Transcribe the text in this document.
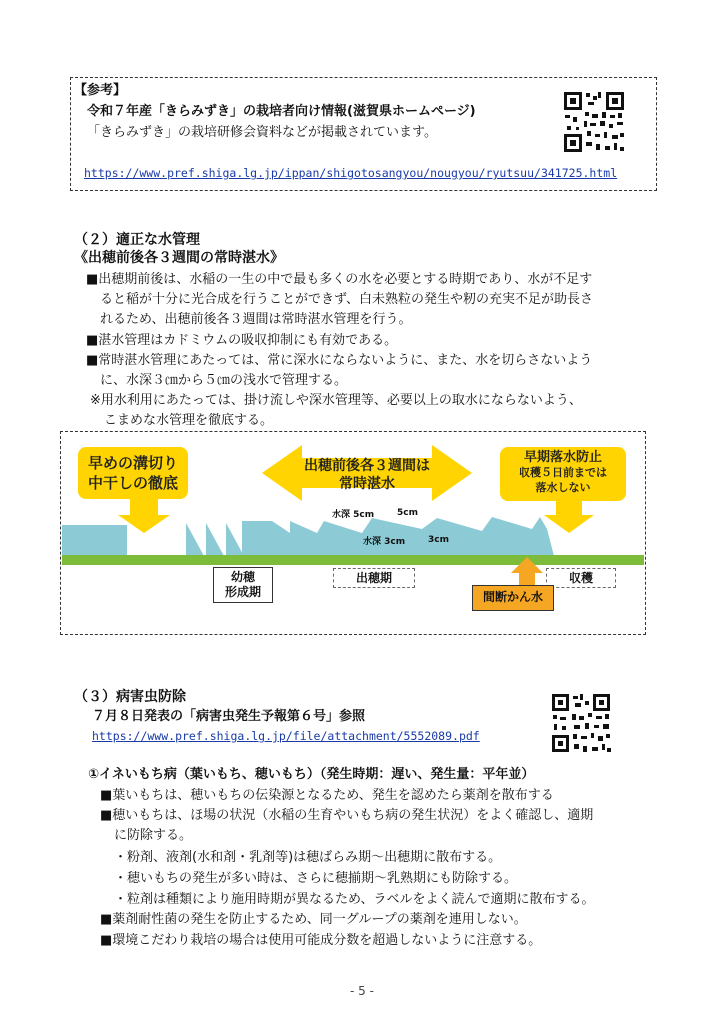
【参考】
令和７年産「きらみずき」の栽培者向け情報(滋賀県ホームページ)
「きらみずき」の栽培研修会資料などが掲載されています。
https://www.pref.shiga.lg.jp/ippan/shigotosangyou/nougyou/ryutsuu/341725.html
（２）適正な水管理
《出穂前後各３週間の常時湛水》
■出穂期前後は、水稲の一生の中で最も多くの水を必要とする時期であり、水が不足す
ると稲が十分に光合成を行うことができず、白未熟粒の発生や籾の充実不足が助長さ
れるため、出穂前後各３週間は常時湛水管理を行う。
■湛水管理はカドミウムの吸収抑制にも有効である。
■常時湛水管理にあたっては、常に深水にならないように、また、水を切らさないよう
に、水深３㎝から５㎝の浅水で管理する。
※用水利用にあたっては、掛け流しや深水管理等、必要以上の取水にならないよう、
こまめな水管理を徹底する。
早めの溝切り
中干しの徹底
出穂前後各３週間は
常時湛水
早期落水防止
収穫５日前までは
落水しない
水深 5cm	5cm
水深 3cm	3cm
幼穂
形成期
出穂期	収穫
間断かん水
（３）病害虫防除
７月８日発表の「病害虫発生予報第６号」参照
https://www.pref.shiga.lg.jp/file/attachment/5552089.pdf
①イネいもち病（葉いもち、穂いもち）（発生時期：遅い、発生量：平年並）
■葉いもちは、穂いもちの伝染源となるため、発生を認めたら薬剤を散布する
■穂いもちは、ほ場の状況（水稲の生育やいもち病の発生状況）をよく確認し、適期
に防除する。
・粉剤、液剤(水和剤・乳剤等)は穂ばらみ期～出穂期に散布する。
・穂いもちの発生が多い時は、さらに穂揃期～乳熟期にも防除する。
・粒剤は種類により施用時期が異なるため、ラベルをよく読んで適期に散布する。
■薬剤耐性菌の発生を防止するため、同一グループの薬剤を連用しない。
■環境こだわり栽培の場合は使用可能成分数を超過しないように注意する。
- 5 -
